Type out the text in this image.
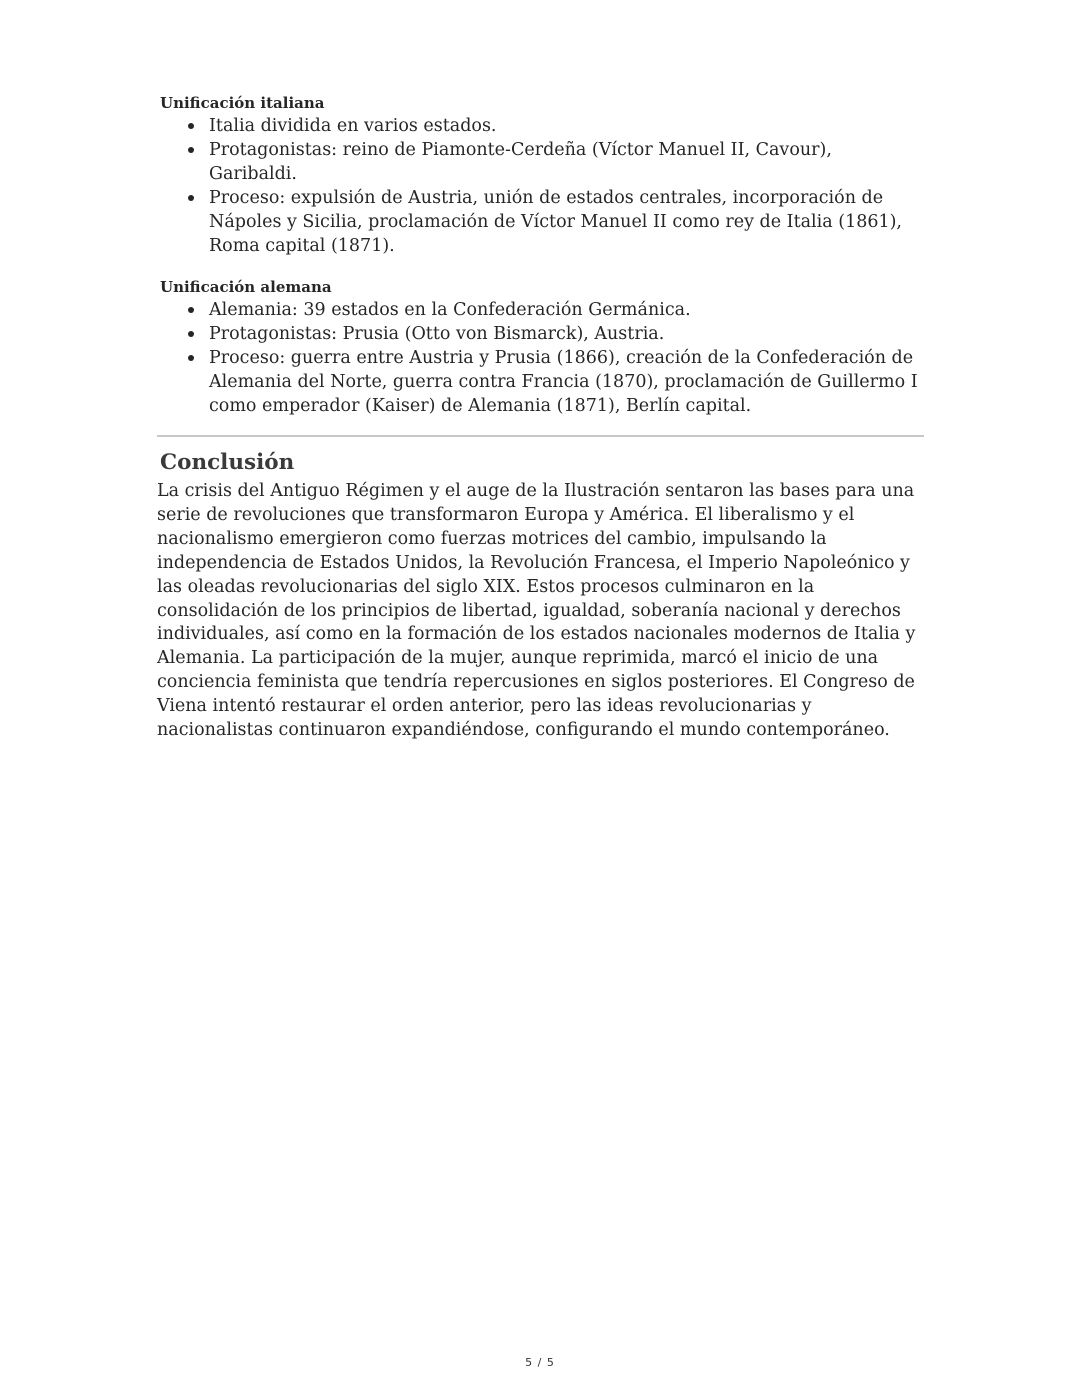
Unificación italiana
Italia dividida en varios estados.
Protagonistas: reino de Piamonte-Cerdeña (Víctor Manuel II, Cavour), Garibaldi.
Proceso: expulsión de Austria, unión de estados centrales, incorporación de Nápoles y Sicilia, proclamación de Víctor Manuel II como rey de Italia (1861), Roma capital (1871).
Unificación alemana
Alemania: 39 estados en la Confederación Germánica.
Protagonistas: Prusia (Otto von Bismarck), Austria.
Proceso: guerra entre Austria y Prusia (1866), creación de la Confederación de Alemania del Norte, guerra contra Francia (1870), proclamación de Guillermo I como emperador (Kaiser) de Alemania (1871), Berlín capital.
Conclusión

La crisis del Antiguo Régimen y el auge de la Ilustración sentaron las bases para una serie de revoluciones que transformaron Europa y América. El liberalismo y el nacionalismo emergieron como fuerzas motrices del cambio, impulsando la independencia de Estados Unidos, la Revolución Francesa, el Imperio Napoleónico y las oleadas revolucionarias del siglo XIX. Estos procesos culminaron en la consolidación de los principios de libertad, igualdad, soberanía nacional y derechos individuales, así como en la formación de los estados nacionales modernos de Italia y Alemania. La participación de la mujer, aunque reprimida, marcó el inicio de una conciencia feminista que tendría repercusiones en siglos posteriores. El Congreso de Viena intentó restaurar el orden anterior, pero las ideas revolucionarias y nacionalistas continuaron expandiéndose, configurando el mundo contemporáneo.

5 / 5
